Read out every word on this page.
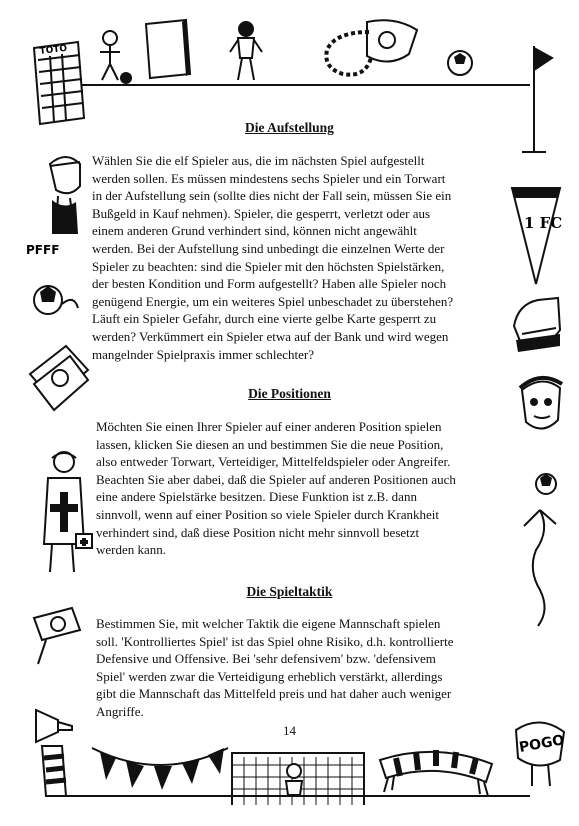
TOTO
PFFF
1 FC
POGO
Die Aufstellung
Wählen Sie die elf Spieler aus, die im nächsten Spiel aufgestellt
werden sollen. Es müssen mindestens sechs Spieler und ein Torwart
in der Aufstellung sein (sollte dies nicht der Fall sein, müssen Sie ein
Bußgeld in Kauf nehmen). Spieler, die gesperrt, verletzt oder aus
einem anderen Grund verhindert sind, können nicht angewählt
werden. Bei der Aufstellung sind unbedingt die einzelnen Werte der
Spieler zu beachten: sind die Spieler mit den höchsten Spielstärken,
der besten Kondition und Form aufgestellt? Haben alle Spieler noch
genügend Energie, um ein weiteres Spiel unbeschadet zu überstehen?
Läuft ein Spieler Gefahr, durch eine vierte gelbe Karte gesperrt zu
werden? Verkümmert ein Spieler etwa auf der Bank und wird wegen
mangelnder Spielpraxis immer schlechter?
Die Positionen
Möchten Sie einen Ihrer Spieler auf einer anderen Position spielen
lassen, klicken Sie diesen an und bestimmen Sie die neue Position,
also entweder Torwart, Verteidiger, Mittelfeldspieler oder Angreifer.
Beachten Sie aber dabei, daß die Spieler auf anderen Positionen auch
eine andere Spielstärke besitzen. Diese Funktion ist z.B. dann
sinnvoll, wenn auf einer Position so viele Spieler durch Krankheit
verhindert sind, daß diese Position nicht mehr sinnvoll besetzt
werden kann.
Die Spieltaktik
Bestimmen Sie, mit welcher Taktik die eigene Mannschaft spielen
soll. 'Kontrolliertes Spiel' ist das Spiel ohne Risiko, d.h. kontrollierte
Defensive und Offensive. Bei 'sehr defensivem' bzw. 'defensivem
Spiel' werden zwar die Verteidigung erheblich verstärkt, allerdings
gibt die Mannschaft das Mittelfeld preis und hat daher auch weniger
Angriffe.
14
